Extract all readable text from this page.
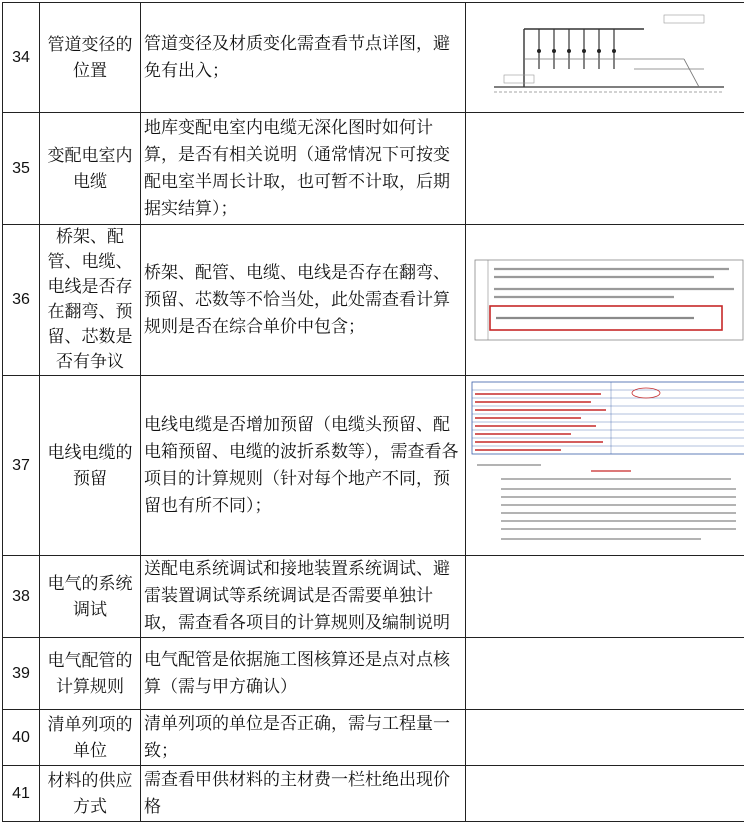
34	管道变径的位置	管道变径及材质变化需查看节点详图，避免有出入；	

35	变配电室内电缆	地库变配电室内电缆无深化图时如何计算，是否有相关说明（通常情况下可按变配电室半周长计取，也可暂不计取，后期据实结算）；	
36	桥架、配管、电缆、电线是否存在翻弯、预留、芯数是否有争议	桥架、配管、电缆、电线是否存在翻弯、预留、芯数等不恰当处，此处需查看计算规则是否在综合单价中包含；	

37	电线电缆的预留	电线电缆是否增加预留（电缆头预留、配电箱预留、电缆的波折系数等），需查看各项目的计算规则（针对每个地产不同，预留也有所不同）；	

38	电气的系统调试	送配电系统调试和接地装置系统调试、避雷装置调试等系统调试是否需要单独计取，需查看各项目的计算规则及编制说明	
39	电气配管的计算规则	电气配管是依据施工图核算还是点对点核算（需与甲方确认）	
40	清单列项的单位	清单列项的单位是否正确，需与工程量一致；	
41	材料的供应方式	需查看甲供材料的主材费一栏杜绝出现价格	
